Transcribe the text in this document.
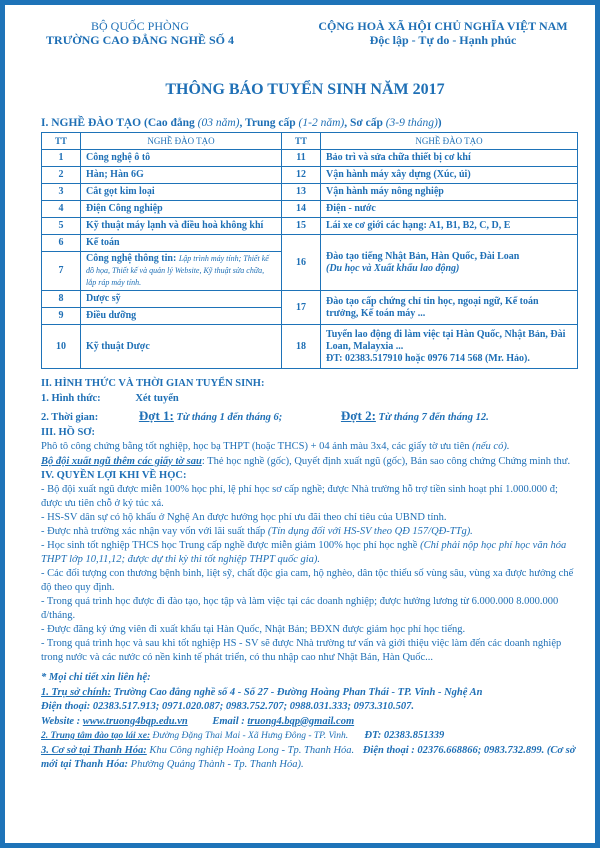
BỘ QUỐC PHÒNG
TRƯỜNG CAO ĐẲNG NGHỀ SỐ 4
CỘNG HOÀ XÃ HỘI CHỦ NGHĨA VIỆT NAM
Độc lập - Tự do - Hạnh phúc
THÔNG BÁO TUYỂN SINH NĂM 2017
I. NGHỀ ĐÀO TẠO (Cao đẳng (03 năm), Trung cấp (1-2 năm), Sơ cấp (3-9 tháng))
TT	NGHỀ ĐÀO TẠO	TT	NGHỀ ĐÀO TẠO
1	Công nghệ ô tô	11	Bảo trì và sửa chữa thiết bị cơ khí
2	Hàn; Hàn 6G	12	Vận hành máy xây dựng (Xúc, ủi)
3	Cắt gọt kim loại	13	Vận hành máy nông nghiệp
4	Điện Công nghiệp	14	Điện - nước
5	Kỹ thuật máy lạnh và điều hoà không khí	15	Lái xe cơ giới các hạng: A1, B1, B2, C, D, E
6	Kế toán	16	Đào tạo tiếng Nhật Bản, Hàn Quốc, Đài Loan
(Du học và Xuất khẩu lao động)

7	Công nghệ thông tin: Lập trình máy tính; Thiết kế đồ họa, Thiết kế và quản lý Website, Kỹ thuật sửa chữa, lắp ráp máy tính.		
8	Dược sỹ	17	Đào tạo cấp chứng chỉ tin học, ngoại ngữ, Kế toán trưởng, Kế toán máy ...
9	Điều dưỡng		
10	Kỹ thuật Dược	18	Tuyển lao động đi làm việc tại Hàn Quốc, Nhật Bản, Đài Loan, Malayxia ...
ĐT: 02383.517910 hoặc 0976 714 568 (Mr. Hảo).

II. HÌNH THỨC VÀ THỜI GIAN TUYỂN SINH:

1. Hình thức:	Xét tuyển

2. Thời gian:	Đợt 1: Từ tháng 1 đến tháng 6;	Đợt 2: Từ tháng 7 đến tháng 12.

III. HỒ SƠ:

Phô tô công chứng bằng tốt nghiệp, học bạ THPT (hoặc THCS) + 04 ảnh màu 3x4, các giấy tờ ưu tiên (nếu có).

Bộ đội xuất ngũ thêm các giấy tờ sau: Thẻ học nghề (gốc), Quyết định xuất ngũ (gốc), Bản sao công chứng Chứng minh thư.

IV. QUYỀN LỢI KHI VỀ HỌC:

- Bộ đội xuất ngũ được miễn 100% học phí, lệ phí học sơ cấp nghề; được Nhà trường hỗ trợ tiền sinh hoạt phí 1.000.000 đ; được ưu tiên chỗ ở ký túc xá.

- HS-SV dân sự có hộ khẩu ở Nghệ An được hưởng học phí ưu đãi theo chỉ tiêu của UBND tỉnh.

- Được nhà trường xác nhận vay vốn với lãi suất thấp (Tín dụng đối với HS-SV theo QĐ 157/QĐ-TTg).

- Học sinh tốt nghiệp THCS học Trung cấp nghề được miễn giảm 100% học phí học nghề (Chỉ phải nộp học phí học văn hóa THPT lớp 10,11,12; được dự thi kỳ thi tốt nghiệp THPT quốc gia).

- Các đối tượng con thương bệnh binh, liệt sỹ, chất độc gia cam, hộ nghèo, dân tộc thiểu số vùng sâu, vùng xa được hưởng chế độ theo quy định.

- Trong quá trình học được đi đào tạo, học tập và làm việc tại các doanh nghiệp; được hưởng lương từ 6.000.000 8.000.000 đ/tháng.

- Được đăng ký ứng viên đi xuất khẩu tại Hàn Quốc, Nhật Bản; BĐXN được giảm học phí học tiếng.

- Trong quá trình học và sau khi tốt nghiệp HS - SV sẽ được Nhà trường tư vấn và giới thiệu việc làm đến các doanh nghiệp trong nước và các nước có nền kinh tế phát triển, có thu nhập cao như Nhật Bản, Hàn Quốc...

* Mọi chi tiết xin liên hệ:

1. Trụ sở chính: Trường Cao đẳng nghề số 4 - Số 27 - Đường Hoàng Phan Thái - TP. Vinh - Nghệ An

Điện thoại: 02383.517.913; 0971.020.087; 0983.752.707; 0988.031.333; 0973.310.507.

Website : www.truong4bqp.edu.vn Email : truong4.bqp@gmail.com

2. Trung tâm đào tạo lái xe: Đường Đặng Thai Mai - Xã Hưng Đông - TP. Vinh. ĐT: 02383.851339

3. Cơ sở tại Thanh Hóa: Khu Công nghiệp Hoàng Long - Tp. Thanh Hóa. Điện thoại : 02376.668866; 0983.732.899. (Cơ sở mới tại Thanh Hóa: Phường Quảng Thành - Tp. Thanh Hóa).
